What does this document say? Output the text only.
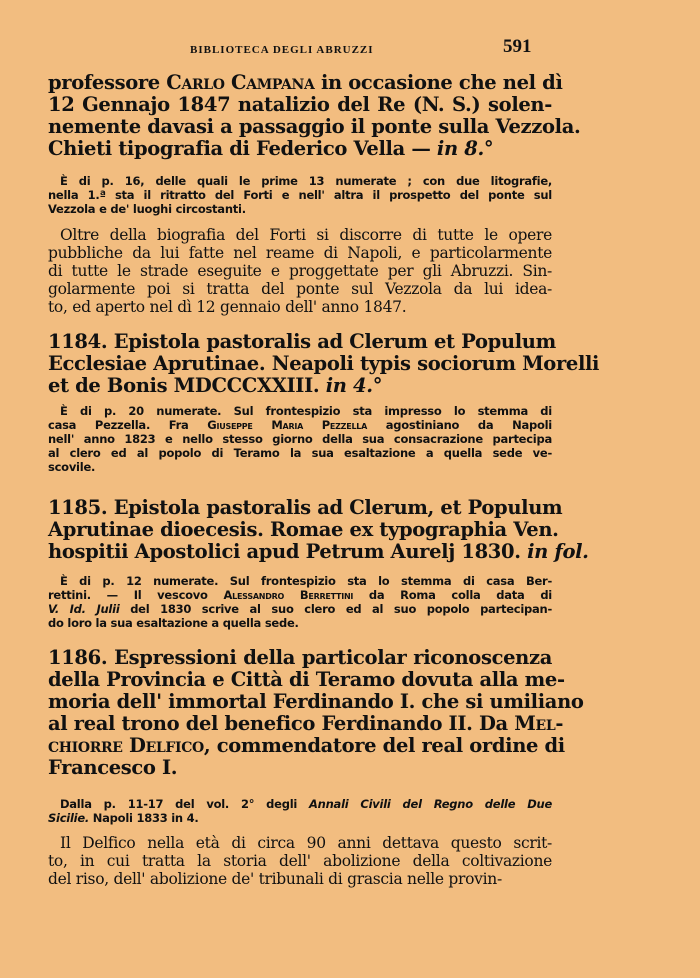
BIBLIOTECA DEGLI ABRUZZI	591
professore Carlo Campana in occasione che nel dì
12 Gennajo 1847 natalizio del Re (N. S.) solen-
nemente davasi a passaggio il ponte sulla Vezzola.
Chieti tipografia di Federico Vella — in 8.°
È di p. 16, delle quali le prime 13 numerate ; con due litografie,
nella 1.ª sta il ritratto del Forti e nell' altra il prospetto del ponte sul
Vezzola e de' luoghi circostanti.
Oltre della biografia del Forti si discorre di tutte le opere
pubbliche da lui fatte nel reame di Napoli, e particolarmente
di tutte le strade eseguite e proggettate per gli Abruzzi. Sin-
golarmente poi si tratta del ponte sul Vezzola da lui idea-
to, ed aperto nel dì 12 gennaio dell' anno 1847.
1184. Epistola pastoralis ad Clerum et Populum
Ecclesiae Aprutinae. Neapoli typis sociorum Morelli
et de Bonis MDCCCXXIII. in 4.°
È di p. 20 numerate. Sul frontespizio sta impresso lo stemma di
casa Pezzella. Fra Giuseppe Maria Pezzella agostiniano da Napoli
nell' anno 1823 e nello stesso giorno della sua consacrazione partecipa
al clero ed al popolo di Teramo la sua esaltazione a quella sede ve-
scovile.
1185. Epistola pastoralis ad Clerum, et Populum
Aprutinae dioecesis. Romae ex typographia Ven.
hospitii Apostolici apud Petrum Aurelj 1830. in fol.
È di p. 12 numerate. Sul frontespizio sta lo stemma di casa Ber-
rettini. — Il vescovo Alessandro Berrettini da Roma colla data di
V. Id. Julii del 1830 scrive al suo clero ed al suo popolo partecipan-
do loro la sua esaltazione a quella sede.
1186. Espressioni della particolar riconoscenza
della Provincia e Città di Teramo dovuta alla me-
moria dell' immortal Ferdinando I. che si umiliano
al real trono del benefico Ferdinando II. Da Mel-
chiorre Delfico, commendatore del real ordine di
Francesco I.
Dalla p. 11-17 del vol. 2° degli Annali Civili del Regno delle Due
Sicilie. Napoli 1833 in 4.
Il Delfico nella età di circa 90 anni dettava questo scrit-
to, in cui tratta la storia dell' abolizione della coltivazione
del riso, dell' abolizione de' tribunali di grascia nelle provin-
